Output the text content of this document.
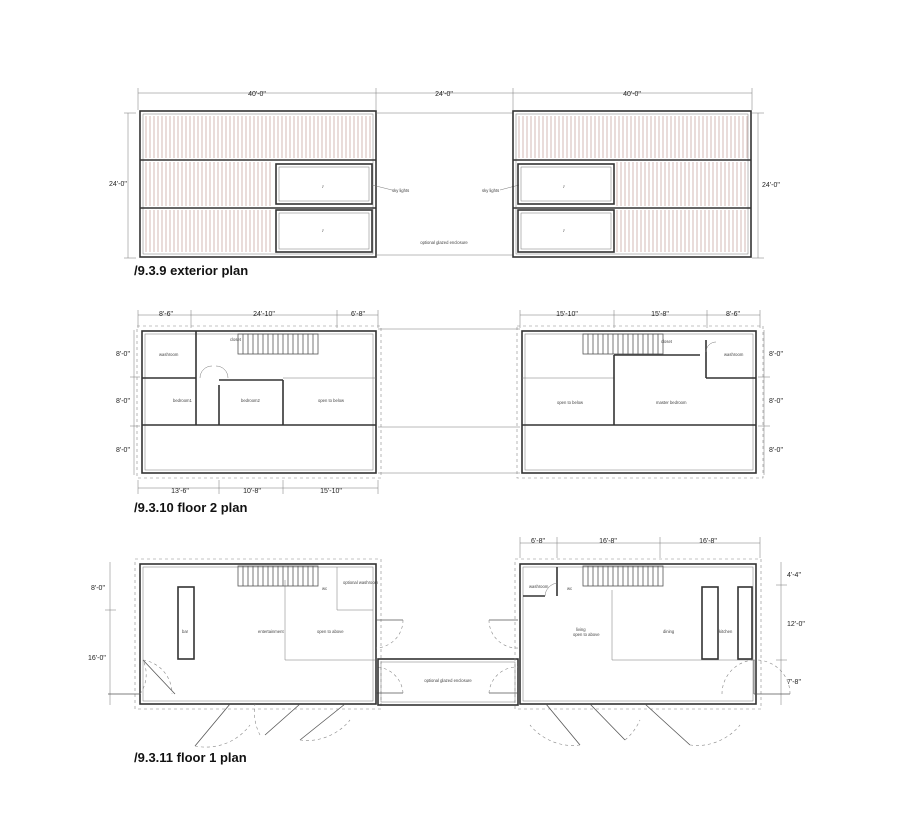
40'-0"	24'-0"	40'-0"
24'-0"	24'-0"
⫽
⫽
sky lights	sky lights
optional glazed enclosure
⫽
⫽
/9.3.9 exterior plan
8'-6"	24'-10"	6'-8"	15'-10"	15'-8"	8'-6"
8'-0"
8'-0"
8'-0"
8'-0"
8'-0"
8'-0"
13'-6"	10'-8"	15'-10"
washroom
bedroom1	bedroom2	open to below
closet
washroom
master bedroom
open to below
closet
/9.3.10 floor 2 plan
6'-8"	16'-8"	16'-8"
8'-0"
16'-0"
4'-4"
12'-0"
7'-8"
bar	entertainment	open to above
optional washroom
wc
optional glazed enclosure
washroom	wc
living
open to above
dining	kitchen
/9.3.11 floor 1 plan
